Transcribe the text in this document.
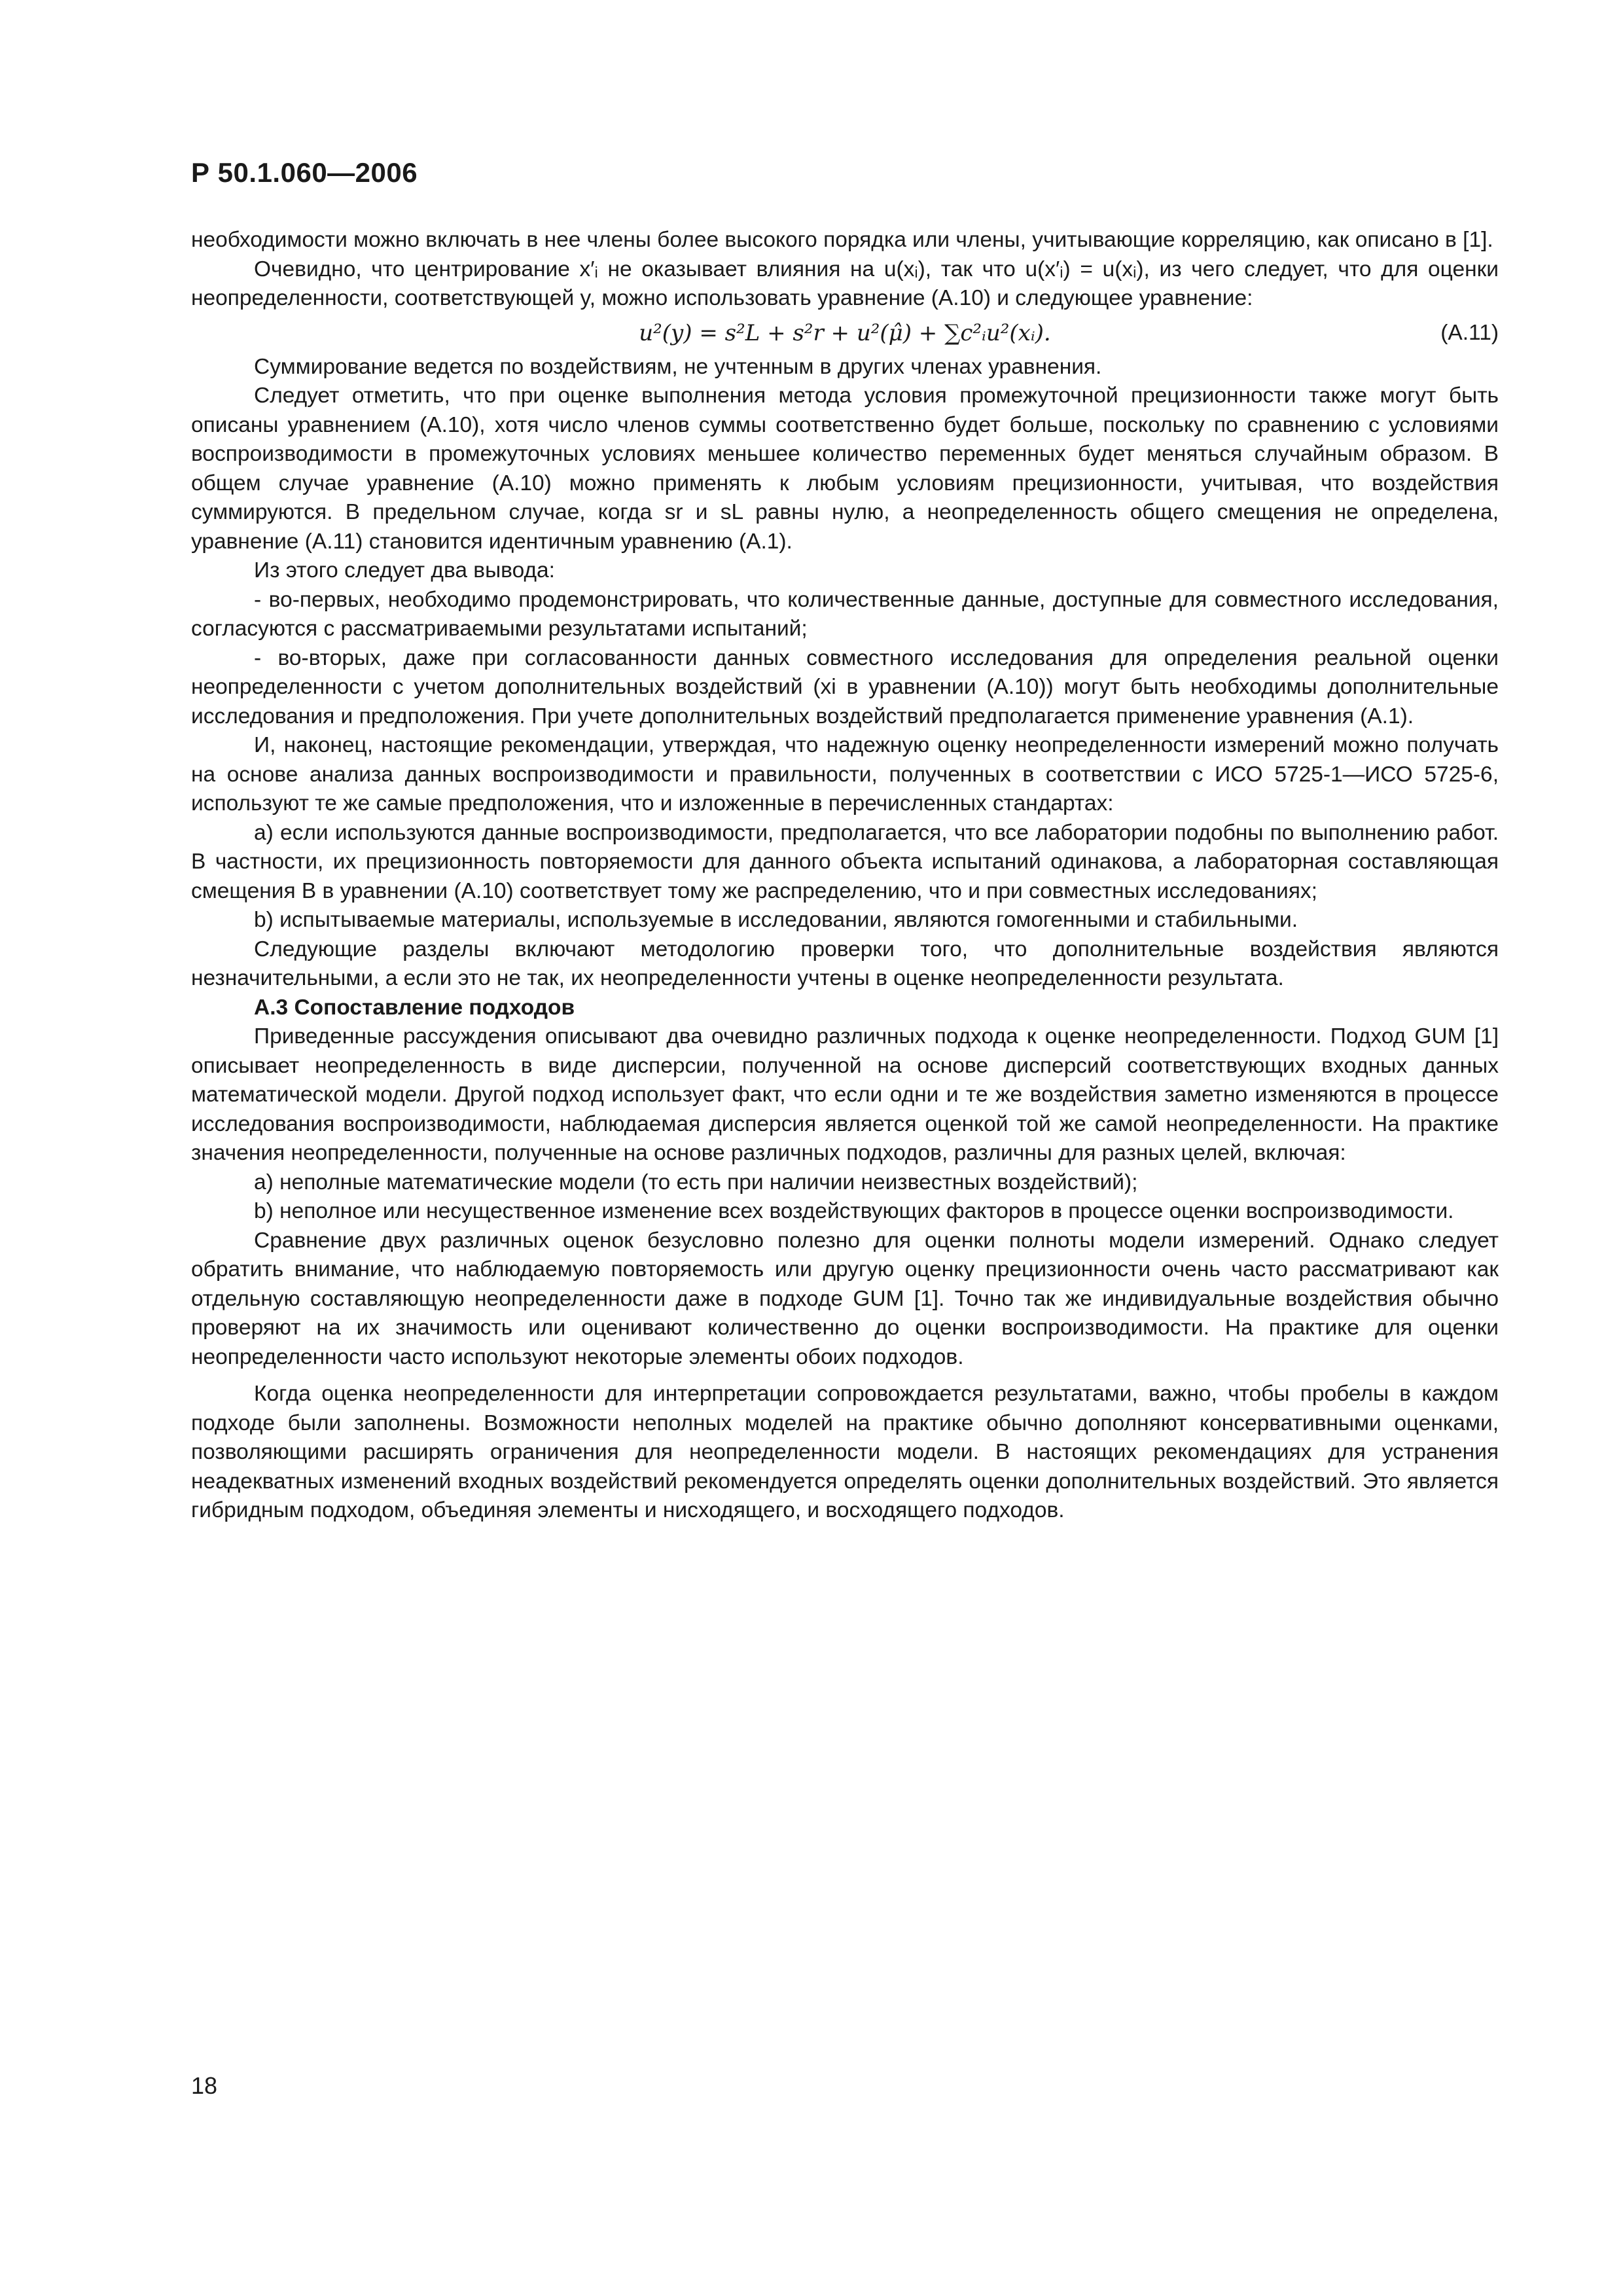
Р 50.1.060—2006

необходимости можно включать в нее члены более высокого порядка или члены, учитывающие корреляцию, как описано в [1].

Очевидно, что центрирование x′ᵢ не оказывает влияния на u(xᵢ), так что u(x′ᵢ) = u(xᵢ), из чего следует, что для оценки неопределенности, соответствующей y, можно использовать уравнение (А.10) и следующее уравнение:

u²(y) = s²L + s²r + u²(μ̂) + ∑c²ᵢu²(xᵢ).	(А.11)

Суммирование ведется по воздействиям, не учтенным в других членах уравнения.

Следует отметить, что при оценке выполнения метода условия промежуточной прецизионности также могут быть описаны уравнением (А.10), хотя число членов суммы соответственно будет больше, поскольку по сравнению с условиями воспроизводимости в промежуточных условиях меньшее количество переменных будет меняться случайным образом. В общем случае уравнение (А.10) можно применять к любым условиям прецизионности, учитывая, что воздействия суммируются. В предельном случае, когда sr и sL равны нулю, а неопределенность общего смещения не определена, уравнение (А.11) становится идентичным уравнению (А.1).

Из этого следует два вывода:

- во-первых, необходимо продемонстрировать, что количественные данные, доступные для совместного исследования, согласуются с рассматриваемыми результатами испытаний;

- во-вторых, даже при согласованности данных совместного исследования для определения реальной оценки неопределенности с учетом дополнительных воздействий (xi в уравнении (А.10)) могут быть необходимы дополнительные исследования и предположения. При учете дополнительных воздействий предполагается применение уравнения (А.1).

И, наконец, настоящие рекомендации, утверждая, что надежную оценку неопределенности измерений можно получать на основе анализа данных воспроизводимости и правильности, полученных в соответствии с ИСО 5725-1—ИСО 5725-6, используют те же самые предположения, что и изложенные в перечисленных стандартах:

а) если используются данные воспроизводимости, предполагается, что все лаборатории подобны по выполнению работ. В частности, их прецизионность повторяемости для данного объекта испытаний одинакова, а лабораторная составляющая смещения B в уравнении (А.10) соответствует тому же распределению, что и при совместных исследованиях;

b) испытываемые материалы, используемые в исследовании, являются гомогенными и стабильными.

Следующие разделы включают методологию проверки того, что дополнительные воздействия являются незначительными, а если это не так, их неопределенности учтены в оценке неопределенности результата.

А.3 Сопоставление подходов

Приведенные рассуждения описывают два очевидно различных подхода к оценке неопределенности. Подход GUM [1] описывает неопределенность в виде дисперсии, полученной на основе дисперсий соответствующих входных данных математической модели. Другой подход использует факт, что если одни и те же воздействия заметно изменяются в процессе исследования воспроизводимости, наблюдаемая дисперсия является оценкой той же самой неопределенности. На практике значения неопределенности, полученные на основе различных подходов, различны для разных целей, включая:

а) неполные математические модели (то есть при наличии неизвестных воздействий);

b) неполное или несущественное изменение всех воздействующих факторов в процессе оценки воспроизводимости.

Сравнение двух различных оценок безусловно полезно для оценки полноты модели измерений. Однако следует обратить внимание, что наблюдаемую повторяемость или другую оценку прецизионности очень часто рассматривают как отдельную составляющую неопределенности даже в подходе GUM [1]. Точно так же индивидуальные воздействия обычно проверяют на их значимость или оценивают количественно до оценки воспроизводимости. На практике для оценки неопределенности часто используют некоторые элементы обоих подходов.

Когда оценка неопределенности для интерпретации сопровождается результатами, важно, чтобы пробелы в каждом подходе были заполнены. Возможности неполных моделей на практике обычно дополняют консервативными оценками, позволяющими расширять ограничения для неопределенности модели. В настоящих рекомендациях для устранения неадекватных изменений входных воздействий рекомендуется определять оценки дополнительных воздействий. Это является гибридным подходом, объединяя элементы и нисходящего, и восходящего подходов.

18
